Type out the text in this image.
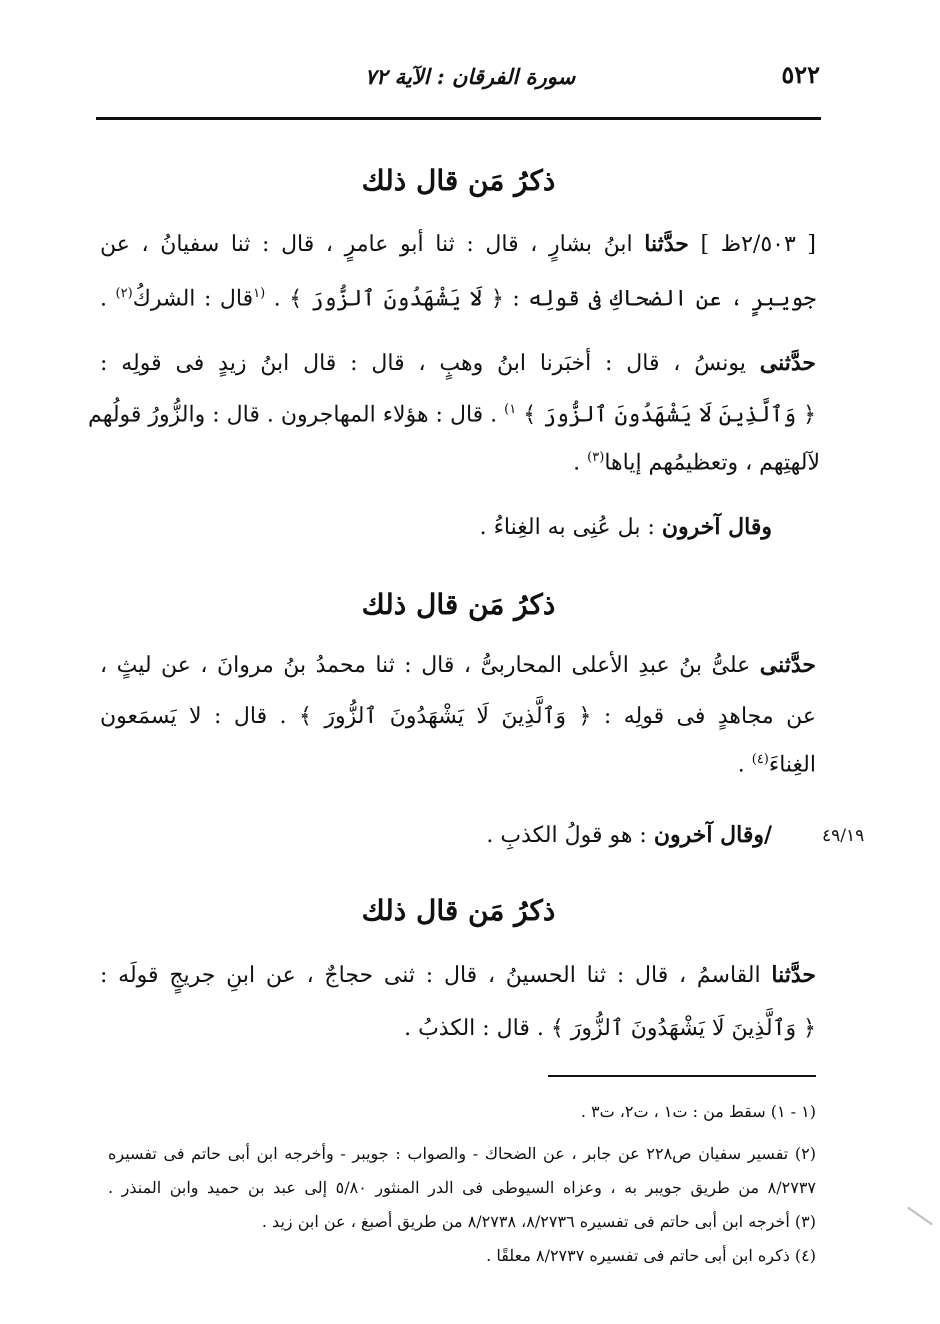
٥٢٢
سورة الفرقان : الآية ٧٢
ذكرُ مَن قال ذلك
[ ٢/٥٠٣ظ ] حدَّثنا ابنُ بشارٍ ، قال : ثنا أبو عامرٍ ، قال : ثنا سفيانُ ، عن
جويبرٍ ، عن الضحاكِ فى قولِه : ﴿ لَا يَشْهَدُونَ ٱلزُّورَ ﴾ . $^{(١}$قال : الشركُ$^{(٢)}$ .
حدَّثنى يونسُ ، قال : أخبَرنا ابنُ وهبٍ ، قال : قال ابنُ زيدٍ فى قولِه :
﴿ وَٱلَّذِينَ لَا يَشْهَدُونَ ٱلزُّورَ ﴾ $^{١)}$ . قال : هؤلاء المهاجرون . قال : والزُّورُ قولُهم
لآلهتِهم ، وتعظيمُهم إياها$^{(٣)}$ .
وقال آخرون : بل عُنِى به الغِناءُ .
ذكرُ مَن قال ذلك
حدَّثنى علىُّ بنُ عبدِ الأعلى المحاربىُّ ، قال : ثنا محمدُ بنُ مروانَ ، عن ليثٍ ،
عن مجاهدٍ فى قولِه : ﴿ وَٱلَّذِينَ لَا يَشْهَدُونَ ٱلزُّورَ ﴾ . قال : لا يَسمَعون
الغِناءَ$^{(٤)}$ .
/وقال آخرون : هو قولُ الكذبِ .	٤٩/١٩
ذكرُ مَن قال ذلك
حدَّثنا القاسمُ ، قال : ثنا الحسينُ ، قال : ثنى حجاجٌ ، عن ابنِ جريجٍ قولَه :
﴿ وَٱلَّذِينَ لَا يَشْهَدُونَ ٱلزُّورَ ﴾ . قال : الكذبُ .
(١ - ١) سقط من : ت١ ، ت٢، ت٣ .
(٢) تفسير سفيان ص٢٢٨ عن جابر ، عن الضحاك - والصواب : جويبر - وأخرجه ابن أبى حاتم فى تفسيره
٨/٢٧٣٧ من طريق جويبر به ، وعزاه السيوطى فى الدر المنثور ٥/٨٠ إلى عبد بن حميد وابن المنذر .
(٣) أخرجه ابن أبى حاتم فى تفسيره ٨/٢٧٣٦، ٨/٢٧٣٨ من طريق أصبغ ، عن ابن زيد .
(٤) ذكره ابن أبى حاتم فى تفسيره ٨/٢٧٣٧ معلقًا .
